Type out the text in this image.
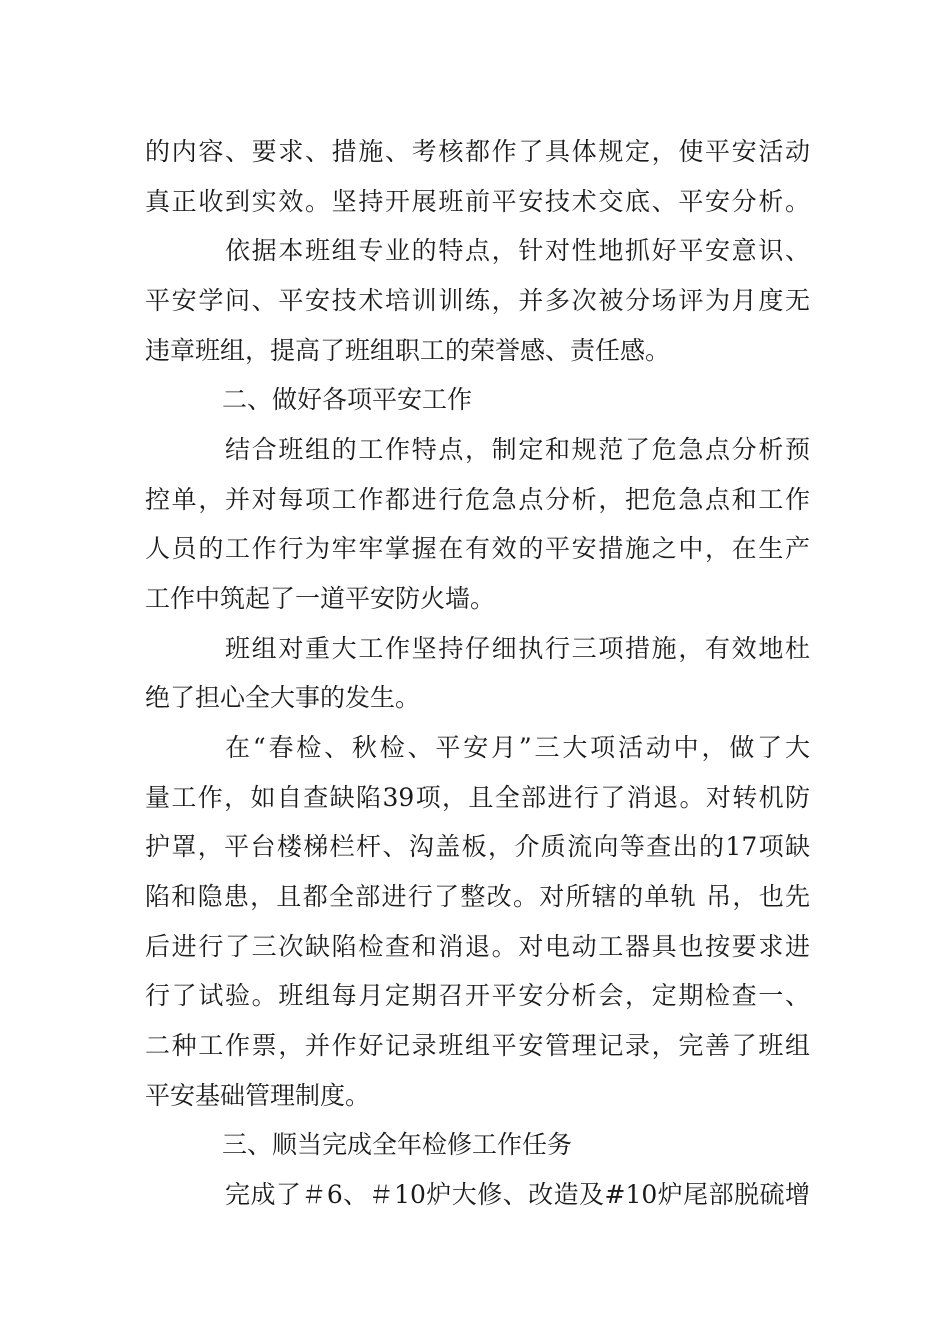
的内容、要求、措施、考核都作了具体规定，使平安活动
真正收到实效。坚持开展班前平安技术交底、平安分析。
依据本班组专业的特点，针对性地抓好平安意识、
平安学问、平安技术培训训练，并多次被分场评为月度无
违章班组，提高了班组职工的荣誉感、责任感。
二、做好各项平安工作
结合班组的工作特点，制定和规范了危急点分析预
控单，并对每项工作都进行危急点分析，把危急点和工作
人员的工作行为牢牢掌握在有效的平安措施之中，在生产
工作中筑起了一道平安防火墙。
班组对重大工作坚持仔细执行三项措施，有效地杜
绝了担心全大事的发生。
在“春检、秋检、平安月”三大项活动中，做了大
量工作，如自查缺陷39项，且全部进行了消退。对转机防
护罩，平台楼梯栏杆、沟盖板，介质流向等查出的17项缺
陷和隐患，且都全部进行了整改。对所辖的单轨 吊，也先
后进行了三次缺陷检查和消退。对电动工器具也按要求进
行了试验。班组每月定期召开平安分析会，定期检查一、
二种工作票，并作好记录班组平安管理记录，完善了班组
平安基础管理制度。
三、顺当完成全年检修工作任务
完成了＃6、＃10炉大修、改造及#10炉尾部脱硫增
